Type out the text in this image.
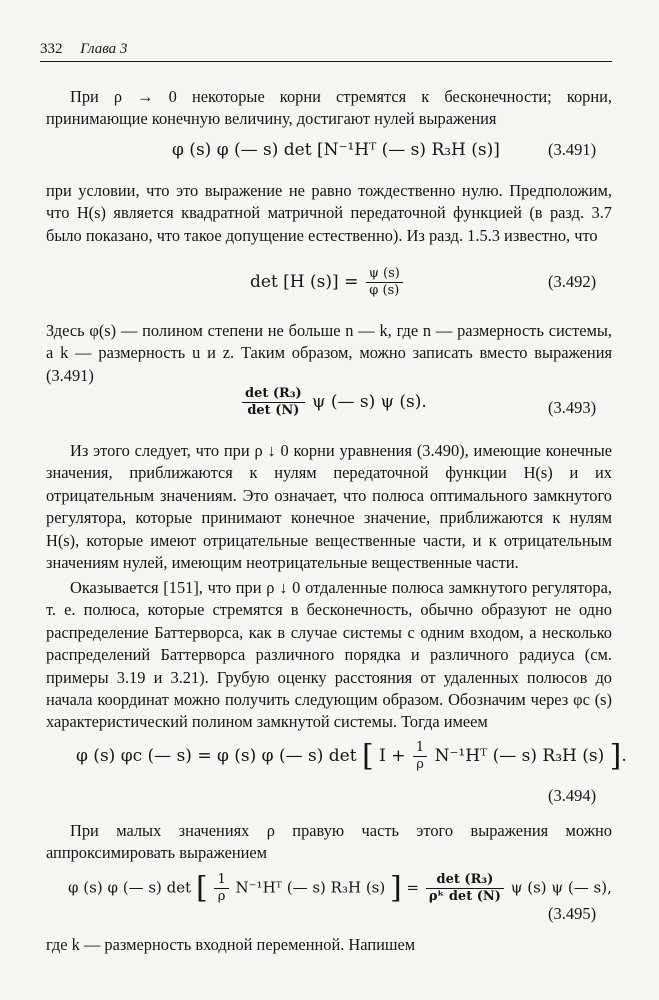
332 Глава 3

При ρ → 0 некоторые корни стремятся к бесконечности; корни, принимающие конечную величину, достигают нулей выражения

φ (s) φ (— s) det [N⁻¹Hᵀ (— s) R₃H (s)]	(3.491)

при условии, что это выражение не равно тождественно нулю. Предположим, что H(s) является квадратной матричной передаточной функцией (в разд. 3.7 было показано, что такое допущение естественно). Из разд. 1.5.3 известно, что

det [H $(s)] = \frac{\psi (s)}{\varphi (s)}$	(3.492)

Здесь φ(s) — полином степени не больше n — k, где n — размерность системы, а k — размерность u и z. Таким образом, можно записать вместо выражения (3.491)

$\frac{\text{det (R₃)}}{\det (N)}$ ψ (— s) ψ (s).	(3.493)

Из этого следует, что при ρ ↓ 0 корни уравнения (3.490), имеющие конечные значения, приближаются к нулям передаточной функции H(s) и их отрицательным значениям. Это означает, что полюса оптимального замкнутого регулятора, которые принимают конечное значение, приближаются к нулям H(s), которые имеют отрицательные вещественные части, и к отрицательным значениям нулей, имеющим неотрицательные вещественные части.

Оказывается [151], что при ρ ↓ 0 отдаленные полюса замкнутого регулятора, т. е. полюса, которые стремятся в бесконечность, обычно образуют не одно распределение Баттерворса, как в случае системы с одним входом, а несколько распределений Баттерворса различного порядка и различного радиуса (см. примеры 3.19 и 3.21). Грубую оценку расстояния от удаленных полюсов до начала координат можно получить следующим образом. Обозначим через φc (s) характеристический полином замкнутой системы. Тогда имеем

φ (s) φc (— s) = φ (s) φ (— s) det [ $I + \frac{1}{\rho}$ N⁻¹Hᵀ (— s) R₃H (s) ].
(3.494)

При малых значениях ρ правую часть этого выражения можно аппроксимировать выражением

φ (s) φ (— s) det [ $\frac{1}{\rho}$ N⁻¹Hᵀ (— s) R₃H (s) ] = $\frac{\text{det (R₃)}}{\text{ρᵏ det (N)}}$ ψ (s) ψ (— s),
(3.495)

где k — размерность входной переменной. Напишем
